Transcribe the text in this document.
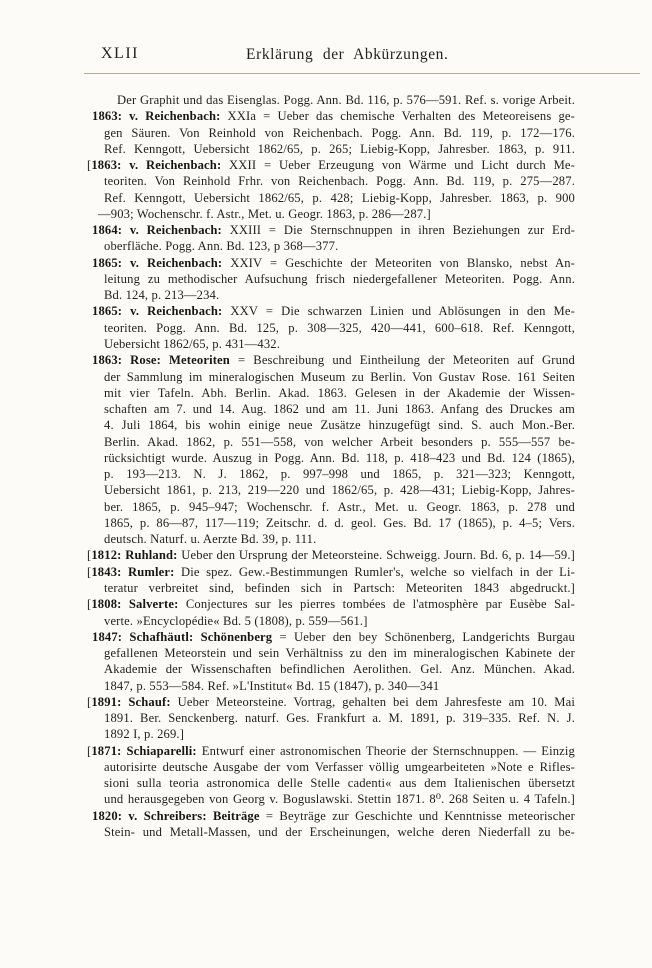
XLII	Erklärung der Abkürzungen.
Der Graphit und das Eisenglas. Pogg. Ann. Bd. 116, p. 576—591. Ref. s. vorige Arbeit.
1863: v. Reichenbach: XXIa = Ueber das chemische Verhalten des Meteoreisens ge-
gen Säuren. Von Reinhold von Reichenbach. Pogg. Ann. Bd. 119, p. 172—176.
Ref. Kenngott, Uebersicht 1862/65, p. 265; Liebig-Kopp, Jahresber. 1863, p. 911.
[1863: v. Reichenbach: XXII = Ueber Erzeugung von Wärme und Licht durch Me-
teoriten. Von Reinhold Frhr. von Reichenbach. Pogg. Ann. Bd. 119, p. 275—287.
Ref. Kenngott, Uebersicht 1862/65, p. 428; Liebig-Kopp, Jahresber. 1863, p. 900
—903; Wochenschr. f. Astr., Met. u. Geogr. 1863, p. 286—287.]
1864: v. Reichenbach: XXIII = Die Sternschnuppen in ihren Beziehungen zur Erd-
oberfläche. Pogg. Ann. Bd. 123, p 368—377.
1865: v. Reichenbach: XXIV = Geschichte der Meteoriten von Blansko, nebst An-
leitung zu methodischer Aufsuchung frisch niedergefallener Meteoriten. Pogg. Ann.
Bd. 124, p. 213—234.
1865: v. Reichenbach: XXV = Die schwarzen Linien und Ablösungen in den Me-
teoriten. Pogg. Ann. Bd. 125, p. 308—325, 420—441, 600–618. Ref. Kenngott,
Uebersicht 1862/65, p. 431—432.
1863: Rose: Meteoriten = Beschreibung und Eintheilung der Meteoriten auf Grund
der Sammlung im mineralogischen Museum zu Berlin. Von Gustav Rose. 161 Seiten
mit vier Tafeln. Abh. Berlin. Akad. 1863. Gelesen in der Akademie der Wissen-
schaften am 7. und 14. Aug. 1862 und am 11. Juni 1863. Anfang des Druckes am
4. Juli 1864, bis wohin einige neue Zusätze hinzugefügt sind. S. auch Mon.-Ber.
Berlin. Akad. 1862, p. 551—558, von welcher Arbeit besonders p. 555—557 be-
rücksichtigt wurde. Auszug in Pogg. Ann. Bd. 118, p. 418–423 und Bd. 124 (1865),
p. 193—213. N. J. 1862, p. 997–998 und 1865, p. 321—323; Kenngott,
Uebersicht 1861, p. 213, 219—220 und 1862/65, p. 428—431; Liebig-Kopp, Jahres-
ber. 1865, p. 945–947; Wochenschr. f. Astr., Met. u. Geogr. 1863, p. 278 und
1865, p. 86—87, 117—119; Zeitschr. d. d. geol. Ges. Bd. 17 (1865), p. 4–5; Vers.
deutsch. Naturf. u. Aerzte Bd. 39, p. 111.
[1812: Ruhland: Ueber den Ursprung der Meteorsteine. Schweigg. Journ. Bd. 6, p. 14—59.]
[1843: Rumler: Die spez. Gew.-Bestimmungen Rumler's, welche so vielfach in der Li-
teratur verbreitet sind, befinden sich in Partsch: Meteoriten 1843 abgedruckt.]
[1808: Salverte: Conjectures sur les pierres tombées de l'atmosphère par Eusèbe Sal-
verte. »Encyclopédie« Bd. 5 (1808), p. 559—561.]
1847: Schafhäutl: Schönenberg = Ueber den bey Schönenberg, Landgerichts Burgau
gefallenen Meteorstein und sein Verhältniss zu den im mineralogischen Kabinete der
Akademie der Wissenschaften befindlichen Aerolithen. Gel. Anz. München. Akad.
1847, p. 553—584. Ref. »L'Institut« Bd. 15 (1847), p. 340—341
[1891: Schauf: Ueber Meteorsteine. Vortrag, gehalten bei dem Jahresfeste am 10. Mai
1891. Ber. Senckenberg. naturf. Ges. Frankfurt a. M. 1891, p. 319–335. Ref. N. J.
1892 I, p. 269.]
[1871: Schiaparelli: Entwurf einer astronomischen Theorie der Sternschnuppen. — Einzig
autorisirte deutsche Ausgabe der vom Verfasser völlig umgearbeiteten »Note e Rifles-
sioni sulla teoria astronomica delle Stelle cadenti« aus dem Italienischen übersetzt
und herausgegeben von Georg v. Boguslawski. Stettin 1871. 8⁰. 268 Seiten u. 4 Tafeln.]
1820: v. Schreibers: Beiträge = Beyträge zur Geschichte und Kenntnisse meteorischer
Stein- und Metall-Massen, und der Erscheinungen, welche deren Niederfall zu be-
